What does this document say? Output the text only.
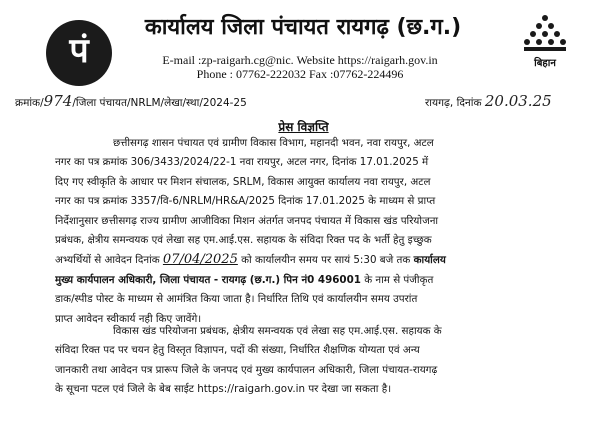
पं
कार्यालय जिला पंचायत रायगढ़ (छ.ग.)
E-mail :zp-raigarh.cg@nic. Website https://raigarh.gov.in
Phone : 07762-222032 Fax :07762-224496
बिहान
क्रमांक/974/जिला पंचायत/NRLM/लेखा/स्था/2024-25	रायगढ़, दिनांक 20.03.25
प्रेस विज्ञप्ति
छत्तीसगढ़ शासन पंचायत एवं ग्रामीण विकास विभाग, महानदी भवन, नवा रायपुर, अटल
नगर का पत्र क्रमांक 306/3433/2024/22-1 नवा रायपुर, अटल नगर, दिनांक 17.01.2025 में
दिए गए स्वीकृति के आधार पर मिशन संचालक, SRLM, विकास आयुक्त कार्यालय नवा रायपुर, अटल
नगर का पत्र क्रमांक 3357/वि-6/NRLM/HR&A/2025 दिनांक 17.01.2025 के माध्यम से प्राप्त
निर्देशानुसार छत्तीसगढ़ राज्य ग्रामीण आजीविका मिशन अंतर्गत जनपद पंचायत में विकास खंड परियोजना
प्रबंधक, क्षेत्रीय समन्वयक एवं लेखा सह एम.आई.एस. सहायक के संविदा रिक्त पद के भर्ती हेतु इच्छुक
अभ्यर्थियों से आवेदन दिनांक 07/04/2025 को कार्यालयीन समय पर सायं 5:30 बजे तक कार्यालय
मुख्य कार्यपालन अधिकारी, जिला पंचायत - रायगढ़ (छ.ग.) पिन नं0 496001 के नाम से पंजीकृत
डाक/स्पीड पोस्ट के माध्यम से आमंत्रित किया जाता है। निर्धारित तिथि एवं कार्यालयीन समय उपरांत
प्राप्त आवेदन स्वीकार्य नही किए जावेंगे।
विकास खंड परियोजना प्रबंधक, क्षेत्रीय समन्वयक एवं लेखा सह एम.आई.एस. सहायक के
संविदा रिक्त पद पर चयन हेतु विस्तृत विज्ञापन, पदों की संख्या, निर्धारित शैक्षणिक योग्यता एवं अन्य
जानकारी तथा आवेदन पत्र प्रारूप जिले के जनपद एवं मुख्य कार्यपालन अधिकारी, जिला पंचायत-रायगढ़
के सूचना पटल एवं जिले के बेब साईट https://raigarh.gov.in पर देखा जा सकता है।
